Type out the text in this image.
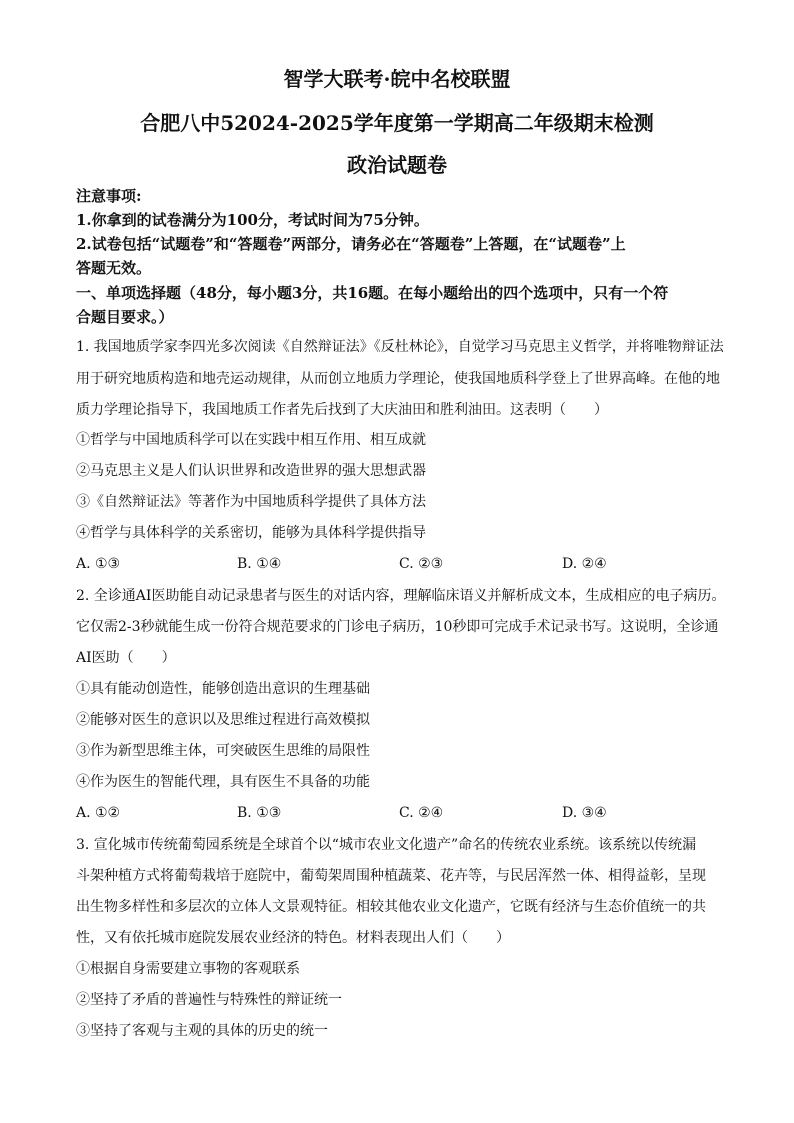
智学大联考·皖中名校联盟
合肥八中52024-2025学年度第一学期高二年级期末检测
政治试题卷
注意事项:
1.你拿到的试卷满分为100分，考试时间为75分钟。
2.试卷包括“试题卷”和“答题卷”两部分，请务必在“答题卷”上答题，在“试题卷”上
答题无效。
一、单项选择题（48分，每小题3分，共16题。在每小题给出的四个选项中，只有一个符
合题目要求。）
1. 我国地质学家李四光多次阅读《自然辩证法》《反杜林论》，自觉学习马克思主义哲学，并将唯物辩证法
用于研究地质构造和地壳运动规律，从而创立地质力学理论，使我国地质科学登上了世界高峰。在他的地
质力学理论指导下，我国地质工作者先后找到了大庆油田和胜利油田。这表明（　　）
①哲学与中国地质科学可以在实践中相互作用、相互成就
②马克思主义是人们认识世界和改造世界的强大思想武器
③《自然辩证法》等著作为中国地质科学提供了具体方法
④哲学与具体科学的关系密切，能够为具体科学提供指导
A. ①③	B. ①④	C. ②③	D. ②④
2. 全诊通AI医助能自动记录患者与医生的对话内容，理解临床语义并解析成文本，生成相应的电子病历。
它仅需2-3秒就能生成一份符合规范要求的门诊电子病历，10秒即可完成手术记录书写。这说明，全诊通
AI医助（　　）
①具有能动创造性，能够创造出意识的生理基础
②能够对医生的意识以及思维过程进行高效模拟
③作为新型思维主体，可突破医生思维的局限性
④作为医生的智能代理，具有医生不具备的功能
A. ①②	B. ①③	C. ②④	D. ③④
3. 宣化城市传统葡萄园系统是全球首个以“城市农业文化遗产”命名的传统农业系统。该系统以传统漏
斗架种植方式将葡萄栽培于庭院中，葡萄架周围种植蔬菜、花卉等，与民居浑然一体、相得益彰，呈现
出生物多样性和多层次的立体人文景观特征。相较其他农业文化遗产，它既有经济与生态价值统一的共
性，又有依托城市庭院发展农业经济的特色。材料表现出人们（　　）
①根据自身需要建立事物的客观联系
②坚持了矛盾的普遍性与特殊性的辩证统一
③坚持了客观与主观的具体的历史的统一
